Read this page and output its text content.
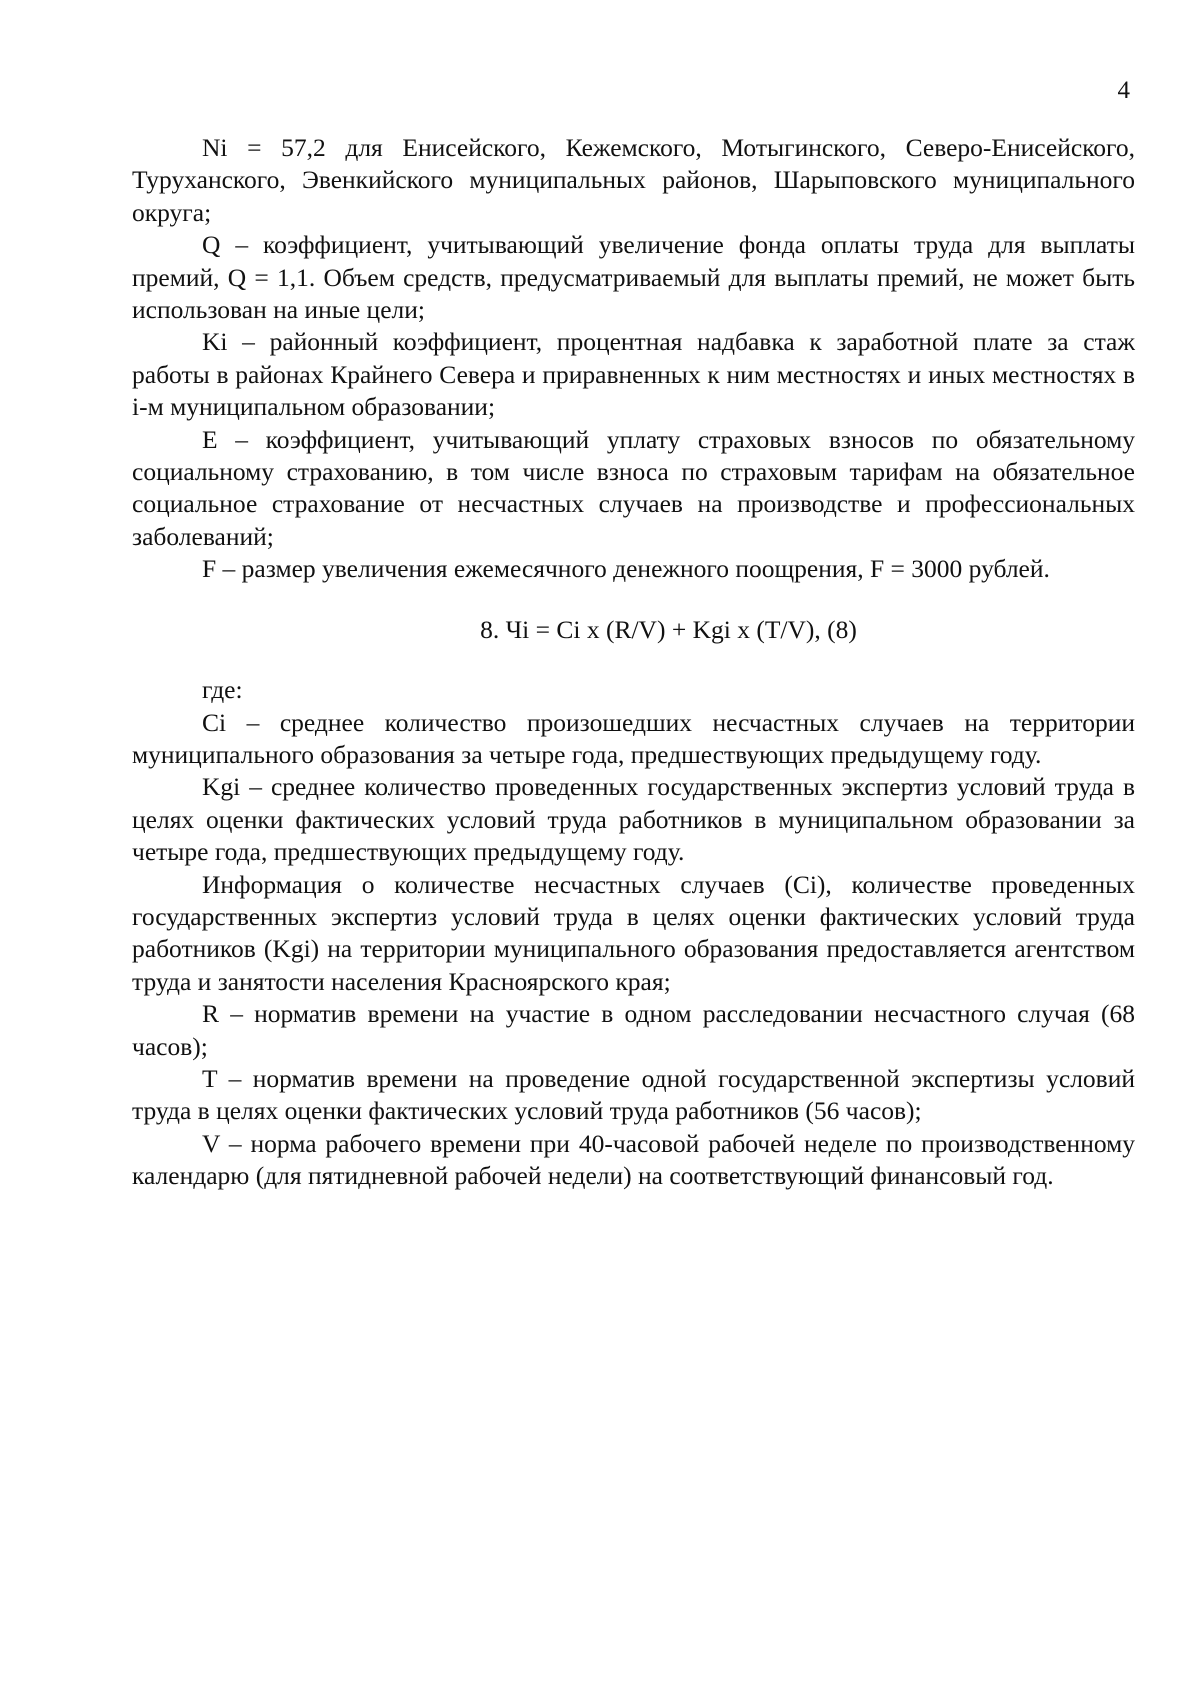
4

Ni = 57,2 для Енисейского, Кежемского, Мотыгинского, Северо-Енисейского, Туруханского, Эвенкийского муниципальных районов, Шарыповского муниципального округа;

Q – коэффициент, учитывающий увеличение фонда оплаты труда для выплаты премий, Q = 1,1. Объем средств, предусматриваемый для выплаты премий, не может быть использован на иные цели;

Ki – районный коэффициент, процентная надбавка к заработной плате за стаж работы в районах Крайнего Севера и приравненных к ним местностях и иных местностях в i-м муниципальном образовании;

E – коэффициент, учитывающий уплату страховых взносов по обязательному социальному страхованию, в том числе взноса по страховым тарифам на обязательное социальное страхование от несчастных случаев на производстве и профессиональных заболеваний;

F – размер увеличения ежемесячного денежного поощрения, F = 3000 рублей.

8. Чi = Ci x (R/V) + Kgi x (T/V), (8)

где:

Ci – среднее количество произошедших несчастных случаев на территории муниципального образования за четыре года, предшествующих предыдущему году.

Kgi – среднее количество проведенных государственных экспертиз условий труда в целях оценки фактических условий труда работников в муниципальном образовании за четыре года, предшествующих предыдущему году.

Информация о количестве несчастных случаев (Ci), количестве проведенных государственных экспертиз условий труда в целях оценки фактических условий труда работников (Kgi) на территории муниципального образования предоставляется агентством труда и занятости населения Красноярского края;

R – норматив времени на участие в одном расследовании несчастного случая (68 часов);

T – норматив времени на проведение одной государственной экспертизы условий труда в целях оценки фактических условий труда работников (56 часов);

V – норма рабочего времени при 40-часовой рабочей неделе по производственному календарю (для пятидневной рабочей недели) на соответствующий финансовый год.
